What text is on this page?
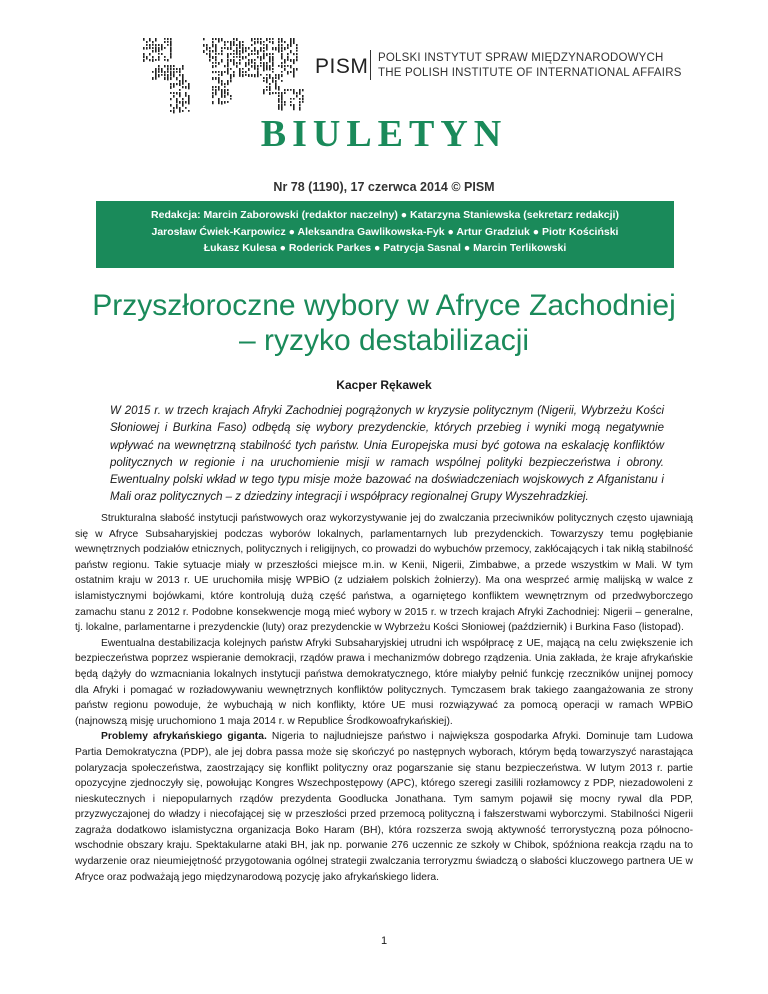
PISM POLSKI INSTYTUT SPRAW MIĘDZYNARODOWYCH
THE POLISH INSTITUTE OF INTERNATIONAL AFFAIRS
BIULETYN
Nr 78 (1190), 17 czerwca 2014 © PISM
Redakcja: Marcin Zaborowski (redaktor naczelny) ● Katarzyna Staniewska (sekretarz redakcji)
Jarosław Ćwiek-Karpowicz ● Aleksandra Gawlikowska-Fyk ● Artur Gradziuk ● Piotr Kościński
Łukasz Kulesa ● Roderick Parkes ● Patrycja Sasnal ● Marcin Terlikowski
Przyszłoroczne wybory w Afryce Zachodniej
– ryzyko destabilizacji
Kacper Rękawek

W 2015 r. w trzech krajach Afryki Zachodniej pogrążonych w kryzysie politycznym (Nigerii, Wybrzeżu Kości Słoniowej i Burkina Faso) odbędą się wybory prezydenckie, których przebieg i wyniki mogą negatywnie wpływać na wewnętrzną stabilność tych państw. Unia Europejska musi być gotowa na eskalację konfliktów politycznych w regionie i na uruchomienie misji w ramach wspólnej polityki bezpieczeństwa i obrony. Ewentualny polski wkład w tego typu misje może bazować na doświadczeniach wojskowych z Afganistanu i Mali oraz politycznych – z dziedziny integracji i współpracy regionalnej Grupy Wyszehradzkiej.

Strukturalna słabość instytucji państwowych oraz wykorzystywanie jej do zwalczania przeciwników politycznych często ujawniają się w Afryce Subsaharyjskiej podczas wyborów lokalnych, parlamentarnych lub prezydenckich. Towarzyszy temu pogłębianie wewnętrznych podziałów etnicznych, politycznych i religijnych, co prowadzi do wybuchów przemocy, zakłócających i tak nikłą stabilność państw regionu. Takie sytuacje miały w przeszłości miejsce m.in. w Kenii, Nigerii, Zimbabwe, a przede wszystkim w Mali. W tym ostatnim kraju w 2013 r. UE uruchomiła misję WPBiO (z udziałem polskich żołnierzy). Ma ona wesprzeć armię malijską w walce z islamistycznymi bojówkami, które kontrolują dużą część państwa, a ogarniętego konfliktem wewnętrznym od przedwyborczego zamachu stanu z 2012 r. Podobne konsekwencje mogą mieć wybory w 2015 r. w trzech krajach Afryki Zachodniej: Nigerii – generalne, tj. lokalne, parlamentarne i prezydenckie (luty) oraz prezydenckie w Wybrzeżu Kości Słoniowej (październik) i Burkina Faso (listopad).

Ewentualna destabilizacja kolejnych państw Afryki Subsaharyjskiej utrudni ich współpracę z UE, mającą na celu zwiększenie ich bezpieczeństwa poprzez wspieranie demokracji, rządów prawa i mechanizmów dobrego rządzenia. Unia zakłada, że kraje afrykańskie będą dążyły do wzmacniania lokalnych instytucji państwa demokratycznego, które miałyby pełnić funkcję rzeczników unijnej pomocy dla Afryki i pomagać w rozładowywaniu wewnętrznych konfliktów politycznych. Tymczasem brak takiego zaangażowania ze strony państw regionu powoduje, że wybuchają w nich konflikty, które UE musi rozwiązywać za pomocą operacji w ramach WPBiO (najnowszą misję uruchomiono 1 maja 2014 r. w Republice Środkowoafrykańskiej).

Problemy afrykańskiego giganta. Nigeria to najludniejsze państwo i największa gospodarka Afryki. Dominuje tam Ludowa Partia Demokratyczna (PDP), ale jej dobra passa może się skończyć po następnych wyborach, którym będą towarzyszyć narastająca polaryzacja społeczeństwa, zaostrzający się konflikt polityczny oraz pogarszanie się stanu bezpieczeństwa. W lutym 2013 r. partie opozycyjne zjednoczyły się, powołując Kongres Wszechpostępowy (APC), którego szeregi zasilili rozłamowcy z PDP, niezadowoleni z nieskutecznych i niepopularnych rządów prezydenta Goodlucka Jonathana. Tym samym pojawił się mocny rywal dla PDP, przyzwyczajonej do władzy i niecofającej się w przeszłości przed przemocą polityczną i fałszerstwami wyborczymi. Stabilności Nigerii zagraża dodatkowo islamistyczna organizacja Boko Haram (BH), która rozszerza swoją aktywność terrorystyczną poza północno-wschodnie obszary kraju. Spektakularne ataki BH, jak np. porwanie 276 uczennic ze szkoły w Chibok, spóźniona reakcja rządu na to wydarzenie oraz nieumiejętność przygotowania ogólnej strategii zwalczania terroryzmu świadczą o słabości kluczowego partnera UE w Afryce oraz podważają jego międzynarodową pozycję jako afrykańskiego lidera.

1
